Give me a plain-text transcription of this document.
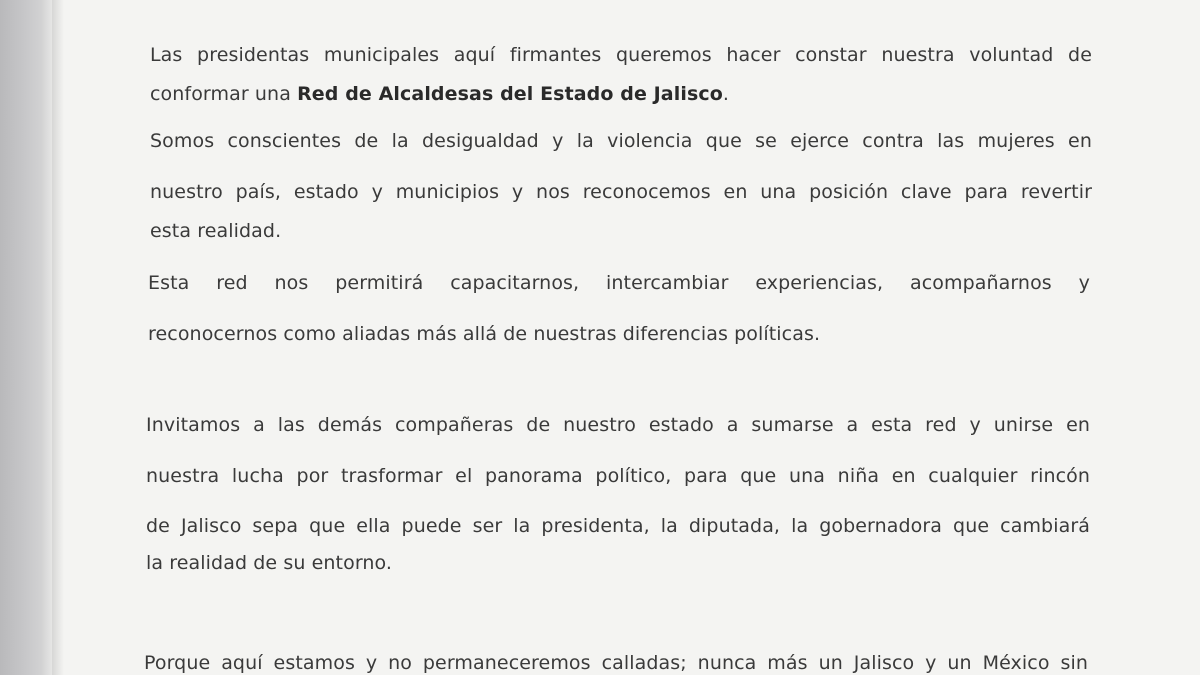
Las presidentas municipales aquí firmantes queremos hacer constar nuestra voluntad de

conformar una Red de Alcaldesas del Estado de Jalisco.

Somos conscientes de la desigualdad y la violencia que se ejerce contra las mujeres en

nuestro país, estado y municipios y nos reconocemos en una posición clave para revertir

esta realidad.

Esta red nos permitirá capacitarnos, intercambiar experiencias, acompañarnos y

reconocernos como aliadas más allá de nuestras diferencias políticas.

Invitamos a las demás compañeras de nuestro estado a sumarse a esta red y unirse en

nuestra lucha por trasformar el panorama político, para que una niña en cualquier rincón

de Jalisco sepa que ella puede ser la presidenta, la diputada, la gobernadora que cambiará

la realidad de su entorno.

Porque aquí estamos y no permaneceremos calladas; nunca más un Jalisco y un México sin
